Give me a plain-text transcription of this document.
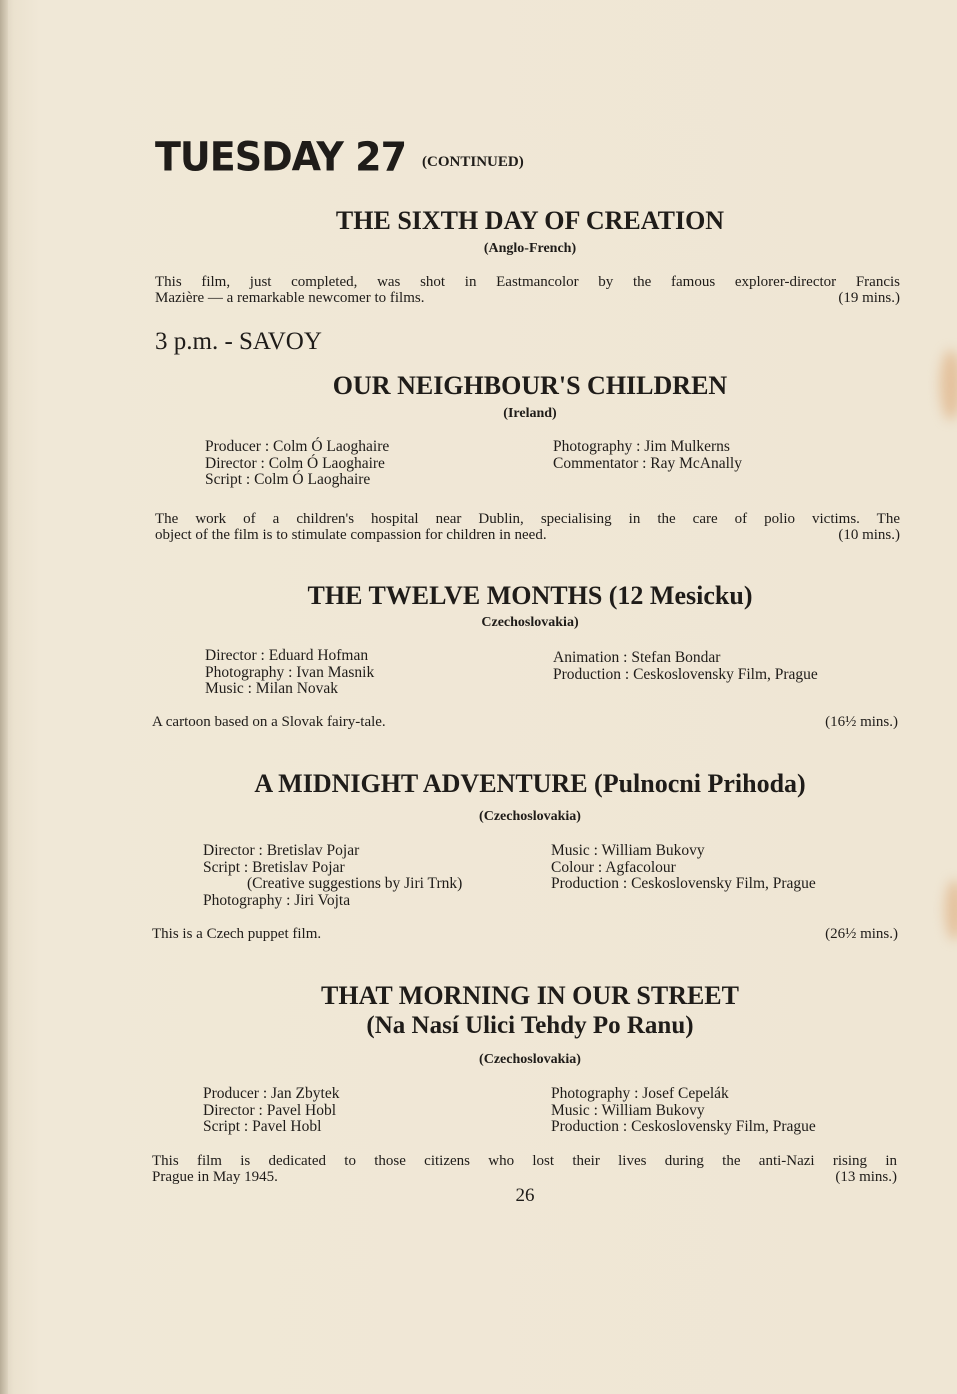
TUESDAY 27 (CONTINUED)
THE SIXTH DAY OF CREATION
(Anglo-French)
This film, just completed, was shot in Eastmancolor by the famous explorer-director Francis
Mazière — a remarkable newcomer to films.	(19 mins.)
3 p.m. - SAVOY
OUR NEIGHBOUR'S CHILDREN
(Ireland)
Producer : Colm Ó Laoghaire
Director : Colm Ó Laoghaire
Script : Colm Ó Laoghaire
Photography : Jim Mulkerns
Commentator : Ray McAnally
The work of a children's hospital near Dublin, specialising in the care of polio victims. The
object of the film is to stimulate compassion for children in need.	(10 mins.)
THE TWELVE MONTHS (12 Mesicku)
Czechoslovakia)
Director : Eduard Hofman
Photography : Ivan Masnik
Music : Milan Novak
Animation : Stefan Bondar
Production : Ceskoslovensky Film, Prague
A cartoon based on a Slovak fairy-tale.	(16½ mins.)
A MIDNIGHT ADVENTURE (Pulnocni Prihoda)
(Czechoslovakia)
Director : Bretislav Pojar
Script : Bretislav Pojar
(Creative suggestions by Jiri Trnk)
Photography : Jiri Vojta
Music : William Bukovy
Colour : Agfacolour
Production : Ceskoslovensky Film, Prague
This is a Czech puppet film.	(26½ mins.)
THAT MORNING IN OUR STREET
(Na Nasí Ulici Tehdy Po Ranu)
(Czechoslovakia)
Producer : Jan Zbytek
Director : Pavel Hobl
Script : Pavel Hobl
Photography : Josef Cepelák
Music : William Bukovy
Production : Ceskoslovensky Film, Prague
This film is dedicated to those citizens who lost their lives during the anti-Nazi rising in
Prague in May 1945.	(13 mins.)
26
